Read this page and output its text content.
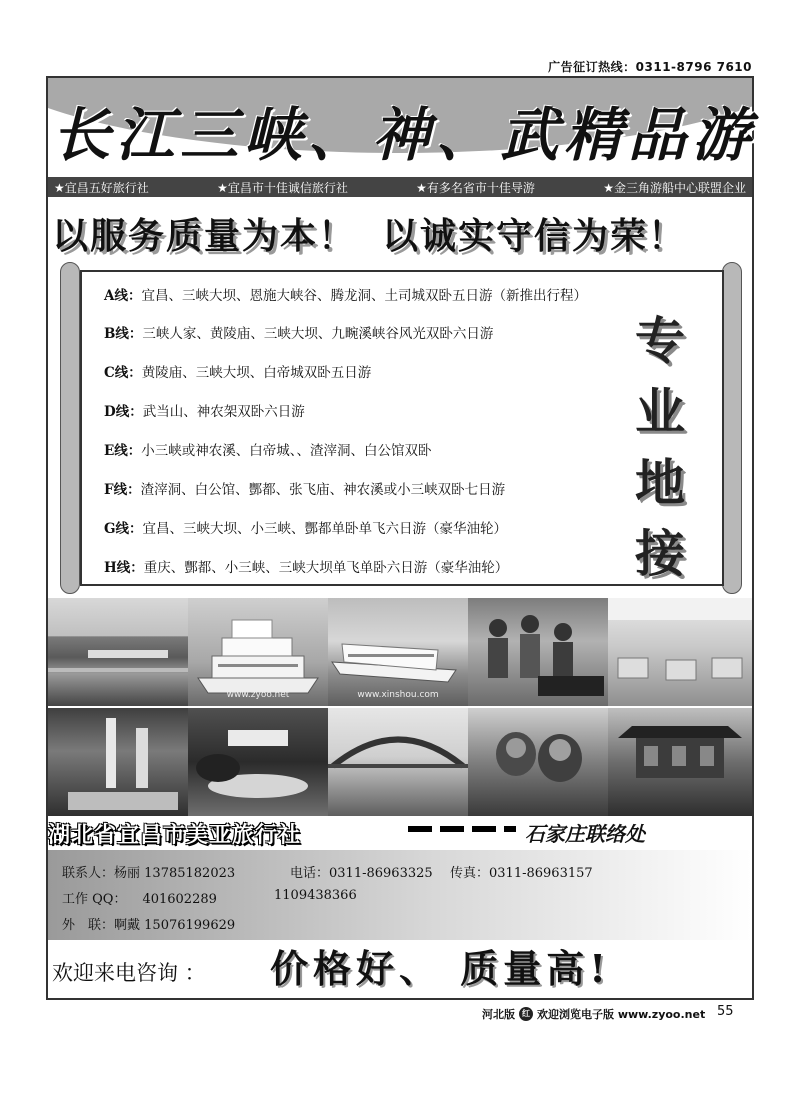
广告征订热线：0311-8796 7610
长江三峡、神、武精品游
★宜昌五好旅行社	★宜昌市十佳诚信旅行社	★有多名省市十佳导游	★金三角游船中心联盟企业
以服务质量为本！ 以诚实守信为荣！
A线：宜昌、三峡大坝、恩施大峡谷、腾龙洞、土司城双卧五日游（新推出行程）
B线：三峡人家、黄陵庙、三峡大坝、九畹溪峡谷风光双卧六日游
C线：黄陵庙、三峡大坝、白帝城双卧五日游
D线：武当山、神农架双卧六日游
E线：小三峡或神农溪、白帝城、、渣滓洞、白公馆双卧
F线：渣滓洞、白公馆、酆都、张飞庙、神农溪或小三峡双卧七日游
G线：宜昌、三峡大坝、小三峡、酆都单卧单飞六日游（豪华油轮）
H线：重庆、酆都、小三峡、三峡大坝单飞单卧六日游（豪华油轮）
专
业
地
接
www.zyoo.net	www.xinshou.com
湖北省宜昌市美亚旅行社	石家庄联络处
联系人：杨丽 13785182023	电话：0311-86963325 传真：0311-86963157
工作 QQ： 401602289	1109438366
外　联：啊戴 15076199629
欢迎来电咨询 ： 价格好、 质量高!
河北版 红 欢迎浏览电子版 www.zyoo.net 55
